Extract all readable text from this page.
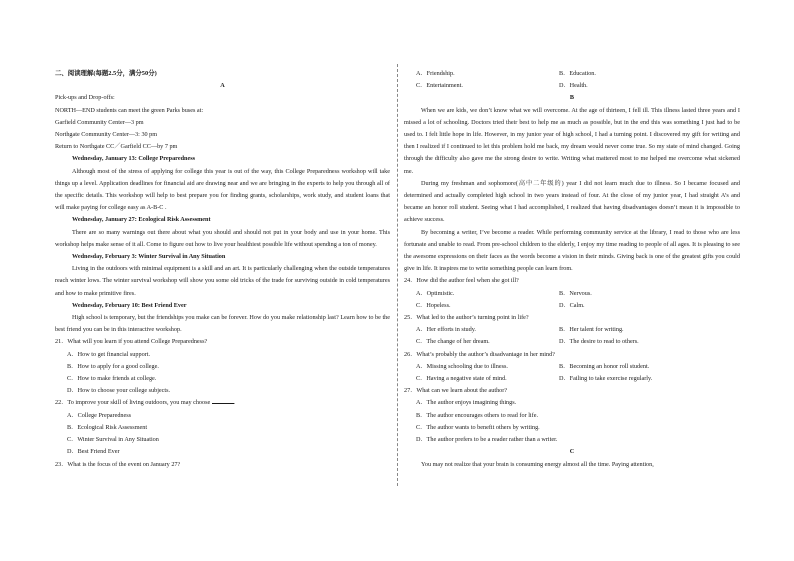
二、阅读理解(每题2.5分，满分50分)
A
Pick-ups and Drop-offs:
NORTH—END students can meet the green Parks buses at:
Garfield Community Center—3 pm
Northgate Community Center—3: 30 pm
Return to Northgate CC／Garfield CC—by 7 pm
Wednesday, January 13: College Preparedness
Although most of the stress of applying for college this year is out of the way, this College Preparedness workshop will take things up a level. Application deadlines for financial aid are drawing near and we are bringing in the experts to help you through all of the specific details. This workshop will help to best prepare you for finding grants, scholarships, work study, and student loans that will make paying for college easy as A-B-C .
Wednesday, January 27: Ecological Risk Assessment
There are so many warnings out there about what you should and should not put in your body and use in your home. This workshop helps make sense of it all. Come to figure out how to live your healthiest possible life without spending a ton of money.
Wednesday, February 3: Winter Survival in Any Situation
Living in the outdoors with minimal equipment is a skill and an art. It is particularly challenging when the outside temperatures reach winter lows. The winter survival workshop will show you some old tricks of the trade for surviving outside in cold temperatures and how to make primitive fires.
Wednesday, February 10: Best Friend Ever
High school is temporary, but the friendships you make can be forever. How do you make relationship last? Learn how to be the best friend you can be in this interactive workshop.
21．What will you learn if you attend College Preparedness?
A．How to get financial support.
B．How to apply for a good college.
C．How to make friends at college.
D．How to choose your college subjects.
22．To improve your skill of living outdoors, you may choose	.
A．College Preparedness
B．Ecological Risk Assessment
C．Winter Survival in Any Situation
D．Best Friend Ever
23．What is the focus of the event on January 27?
A．Friendship.	B．Education.
C．Entertainment.	D．Health.
B
When we are kids, we don’t know what we will overcome. At the age of thirteen, I fell ill. This illness lasted three years and I missed a lot of schooling. Doctors tried their best to help me as much as possible, but in the end this was something I just had to be used to. I felt little hope in life. However, in my junior year of high school, I had a turning point. I discovered my gift for writing and then I realized if I continued to let this problem hold me back, my dream would never come true. So my state of mind changed. Going through the difficulty also gave me the strong desire to write. Writing what mattered most to me helped me overcome what sickened me.
During my freshman and sophomore(高中二年级的) year I did not learn much due to illness. So I became focused and determined and actually completed high school in two years instead of four. At the close of my junior year, I had straight A’s and became an honor roll student. Seeing what I had accomplished, I realized that having disadvantages doesn’t mean it is impossible to achieve success.
By becoming a writer, I’ve become a reader. While performing community service at the library, I read to those who are less fortunate and unable to read. From pre-school children to the elderly, I enjoy my time reading to people of all ages. It is pleasing to see the awesome expressions on their faces as the words become a vision in their minds. Giving back is one of the greatest gifts you could give in life. It inspires me to write something people can learn from.
24．How did the author feel when she got ill?
A．Optimistic.	B．Nervous.
C．Hopeless.	D．Calm.
25．What led to the author’s turning point in life?
A．Her efforts in study.	B．Her talent for writing.
C．The change of her dream.	D．The desire to read to others.
26．What’s probably the author’s disadvantage in her mind?
A．Missing schooling due to illness.	B．Becoming an honor roll student.
C．Having a negative state of mind.	D．Failing to take exercise regularly.
27．What can we learn about the author?
A．The author enjoys imagining things.
B．The author encourages others to read for life.
C．The author wants to benefit others by writing.
D．The author prefers to be a reader rather than a writer.
C
You may not realize that your brain is consuming energy almost all the time. Paying attention,
